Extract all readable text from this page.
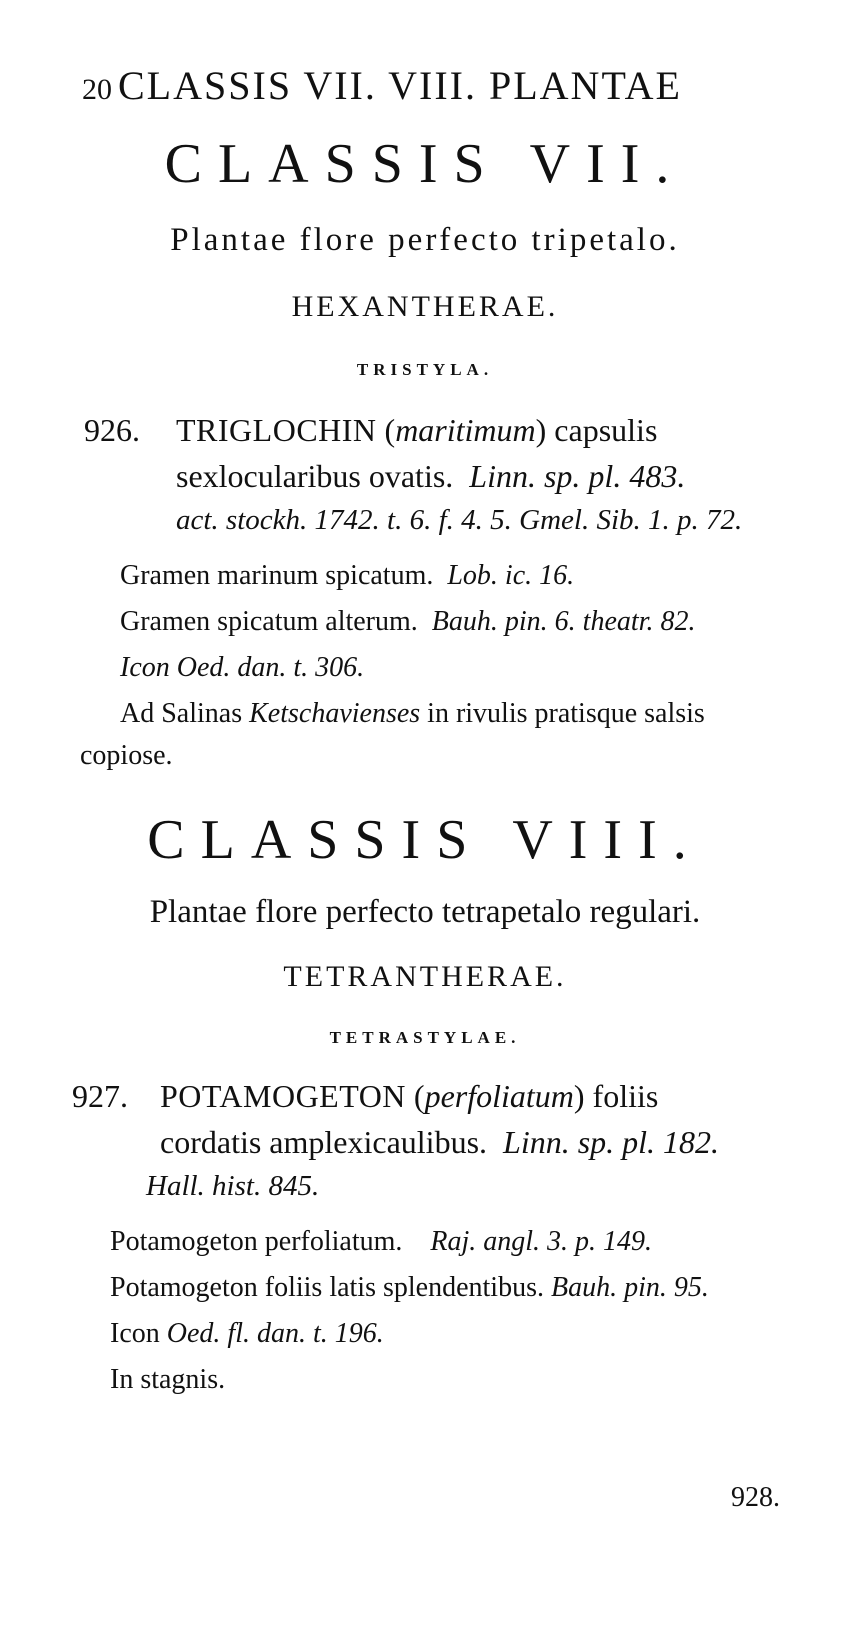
20 CLASSIS VII. VIII. PLANTAE
CLASSIS VII.
Plantae flore perfecto tripetalo.
HEXANTHERAE.
TRISTYLA.
926. TRIGLOCHIN (maritimum) capsulis
sexlocularibus ovatis. Linn. sp. pl. 483.
act. stockh. 1742. t. 6. f. 4. 5. Gmel. Sib. 1. p. 72.
Gramen marinum spicatum. Lob. ic. 16.
Gramen spicatum alterum. Bauh. pin. 6. theatr. 82.
Icon Oed. dan. t. 306.
Ad Salinas Ketschavienses in rivulis pratisque salsis
copiose.
CLASSIS VIII.
Plantae flore perfecto tetrapetalo regulari.
TETRANTHERAE.
TETRASTYLAE.
927. POTAMOGETON (perfoliatum) foliis
cordatis amplexicaulibus. Linn. sp. pl. 182.
Hall. hist. 845.
Potamogeton perfoliatum. Raj. angl. 3. p. 149.
Potamogeton foliis latis splendentibus. Bauh. pin. 95.
Icon Oed. fl. dan. t. 196.
In stagnis.
928.
